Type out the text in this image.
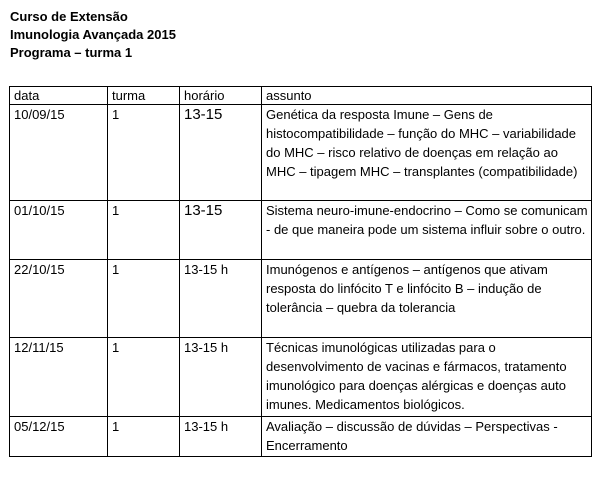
Curso de Extensão
Imunologia Avançada 2015
Programa – turma 1
data	turma	horário	assunto
10/09/15	1	13-15	Genética da resposta Imune – Gens de histocompatibilidade – função do MHC – variabilidade do MHC – risco relativo de doenças em relação ao MHC – tipagem MHC – transplantes (compatibilidade)
01/10/15	1	13-15	Sistema neuro-imune-endocrino – Como se comunicam - de que maneira pode um sistema influir sobre o outro.
22/10/15	1	13-15 h	Imunógenos e antígenos – antígenos que ativam resposta do linfócito T e linfócito B – indução de tolerância – quebra da tolerancia
12/11/15	1	13-15 h	Técnicas imunológicas utilizadas para o desenvolvimento de vacinas e fármacos, tratamento imunológico para doenças alérgicas e doenças auto imunes. Medicamentos biológicos.
05/12/15	1	13-15 h	Avaliação – discussão de dúvidas – Perspectivas - Encerramento
